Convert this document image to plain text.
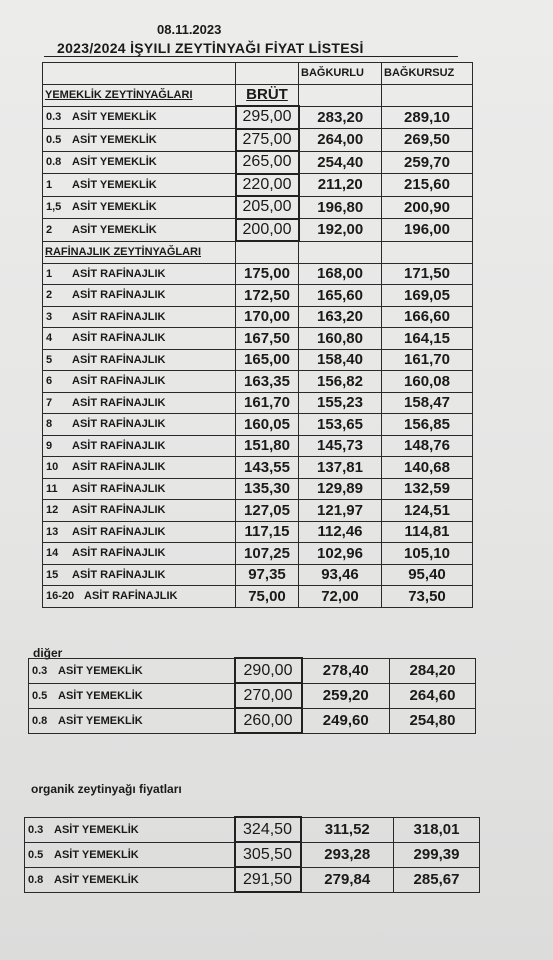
08.11.2023
2023/2024 İŞYILI ZEYTİNYAĞI FİYAT LİSTESİ
		BAĞKURLU	BAĞKURSUZ
YEMEKLİK ZEYTİNYAĞLARI	BRÜT		
0.3 ASİT YEMEKLİK	295,00	283,20	289,10
0.5 ASİT YEMEKLİK	275,00	264,00	269,50
0.8 ASİT YEMEKLİK	265,00	254,40	259,70
1 ASİT YEMEKLİK	220,00	211,20	215,60
1,5 ASİT YEMEKLİK	205,00	196,80	200,90
2 ASİT YEMEKLİK	200,00	192,00	196,00
RAFİNAJLIK ZEYTİNYAĞLARI			
1 ASİT RAFİNAJLIK	175,00	168,00	171,50
2 ASİT RAFİNAJLIK	172,50	165,60	169,05
3 ASİT RAFİNAJLIK	170,00	163,20	166,60
4 ASİT RAFİNAJLIK	167,50	160,80	164,15
5 ASİT RAFİNAJLIK	165,00	158,40	161,70
6 ASİT RAFİNAJLIK	163,35	156,82	160,08
7 ASİT RAFİNAJLIK	161,70	155,23	158,47
8 ASİT RAFİNAJLIK	160,05	153,65	156,85
9 ASİT RAFİNAJLIK	151,80	145,73	148,76
10 ASİT RAFİNAJLIK	143,55	137,81	140,68
11 ASİT RAFİNAJLIK	135,30	129,89	132,59
12 ASİT RAFİNAJLIK	127,05	121,97	124,51
13 ASİT RAFİNAJLIK	117,15	112,46	114,81
14 ASİT RAFİNAJLIK	107,25	102,96	105,10
15 ASİT RAFİNAJLIK	97,35	93,46	95,40
16-20 ASİT RAFİNAJLIK	75,00	72,00	73,50
diğer
0.3 ASİT YEMEKLİK	290,00	278,40	284,20
0.5 ASİT YEMEKLİK	270,00	259,20	264,60
0.8 ASİT YEMEKLİK	260,00	249,60	254,80
organik zeytinyağı fiyatları
0.3 ASİT YEMEKLİK	324,50	311,52	318,01
0.5 ASİT YEMEKLİK	305,50	293,28	299,39
0.8 ASİT YEMEKLİK	291,50	279,84	285,67
